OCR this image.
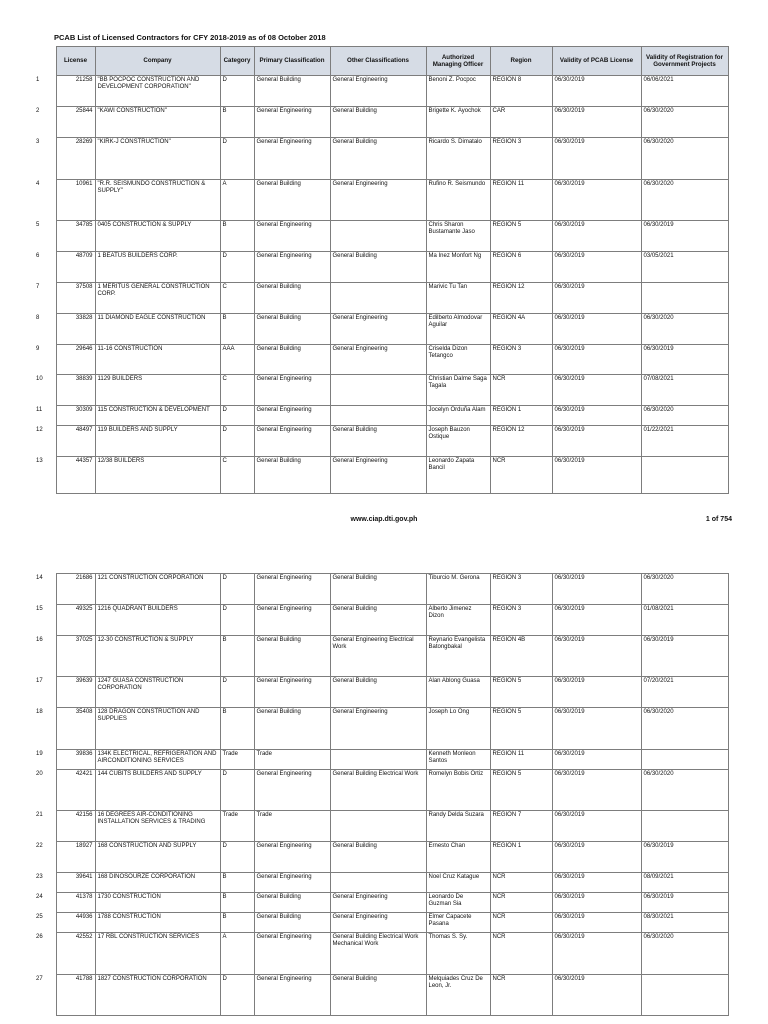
PCAB List of Licensed Contractors for CFY 2018-2019 as of 08 October 2018
	License	Company	Category	Primary Classification	Other Classifications	Authorized Managing Officer	Region	Validity of PCAB License	Validity of Registration for Government Projects
1	21258	"BB POCPOC CONSTRUCTION AND DEVELOPMENT CORPORATION"	D	General Building	General Engineering	Benoni Z. Pocpoc	REGION 8	06/30/2019	06/06/2021
2	25844	"KAWI CONSTRUCTION"	B	General Engineering	General Building	Brigette K. Ayochok	CAR	06/30/2019	06/30/2020
3	28269	"KIRK-J CONSTRUCTION"	D	General Engineering	General Building	Ricardo S. Dimatalo	REGION 3	06/30/2019	06/30/2020
4	10961	"R.R. SEISMUNDO CONSTRUCTION & SUPPLY"	A	General Building	General Engineering	Rufino R. Seismundo	REGION 11	06/30/2019	06/30/2020
5	34785	0405 CONSTRUCTION & SUPPLY	B	General Engineering		Chris Sharon Bustamante Jaso	REGION 5	06/30/2019	06/30/2019
6	48709	1 BEATUS BUILDERS CORP.	D	General Engineering	General Building	Ma Inez Monfort Ng	REGION 6	06/30/2019	03/05/2021
7	37508	1 MERITUS GENERAL CONSTRUCTION CORP.	C	General Building		Marivic Tu Tan	REGION 12	06/30/2019	
8	33828	11 DIAMOND EAGLE CONSTRUCTION	B	General Building	General Engineering	Edilberto Almodovar Aguilar	REGION 4A	06/30/2019	06/30/2020
9	29646	11-16 CONSTRUCTION	AAA	General Building	General Engineering	Criselda Dizon Tetangco	REGION 3	06/30/2019	06/30/2019
10	38839	1129 BUILDERS	C	General Engineering		Christian Dalme Saga Tagala	NCR	06/30/2019	07/08/2021
11	30309	115 CONSTRUCTION & DEVELOPMENT	D	General Engineering		Jocelyn Orduña Alam	REGION 1	06/30/2019	06/30/2020
12	48497	119 BUILDERS AND SUPPLY	D	General Engineering	General Building	Joseph Bauzon Ostique	REGION 12	06/30/2019	01/22/2021
13	44357	12/38 BUILDERS	C	General Building	General Engineering	Leonardo Zapata Bancil	NCR	06/30/2019	
www.ciap.dti.gov.ph	1 of 754
14	21686	121 CONSTRUCTION CORPORATION	D	General Engineering	General Building	Tiburcio M. Gerona	REGION 3	06/30/2019	06/30/2020
15	49325	1216 QUADRANT BUILDERS	D	General Engineering	General Building	Alberto Jimenez Dizon	REGION 3	06/30/2019	01/08/2021
16	37025	12-30 CONSTRUCTION & SUPPLY	B	General Building	General Engineering Electrical Work	Reynario Evangelista Batongbakal	REGION 4B	06/30/2019	06/30/2019
17	39639	1247 GUASA CONSTRUCTION CORPORATION	D	General Engineering	General Building	Alan Ablong Guasa	REGION 5	06/30/2019	07/20/2021
18	35408	128 DRAGON CONSTRUCTION AND SUPPLIES	B	General Building	General Engineering	Joseph Lo Ong	REGION 5	06/30/2019	06/30/2020
19	39836	134K ELECTRICAL, REFRIGERATION AND AIRCONDITIONING SERVICES	Trade	Trade		Kenneth Monleon Santos	REGION 11	06/30/2019	
20	42421	144 CUBITS BUILDERS AND SUPPLY	D	General Engineering	General Building Electrical Work	Romelyn Bobis Ortiz	REGION 5	06/30/2019	06/30/2020
21	42156	16 DEGREES AIR-CONDITIONING INSTALLATION SERVICES & TRADING	Trade	Trade		Randy Delda Suzara	REGION 7	06/30/2019	
22	18927	168 CONSTRUCTION AND SUPPLY	D	General Engineering	General Building	Ernesto Chan	REGION 1	06/30/2019	06/30/2019
23	39641	168 DINOSOURZE CORPORATION	B	General Engineering		Noel Cruz Katague	NCR	06/30/2019	08/09/2021
24	41378	1730 CONSTRUCTION	B	General Building	General Engineering	Leonardo De Guzman Sia	NCR	06/30/2019	06/30/2019
25	44936	1788 CONSTRUCTION	B	General Building	General Engineering	Elmer Capacete Pasana	NCR	06/30/2019	08/30/2021
26	42552	17 RBL CONSTRUCTION SERVICES	A	General Engineering	General Building Electrical Work Mechanical Work	Thomas S. Sy.	NCR	06/30/2019	06/30/2020
27	41788	1827 CONSTRUCTION CORPORATION	D	General Engineering	General Building	Melquiades Cruz De Leon, Jr.	NCR	06/30/2019	
